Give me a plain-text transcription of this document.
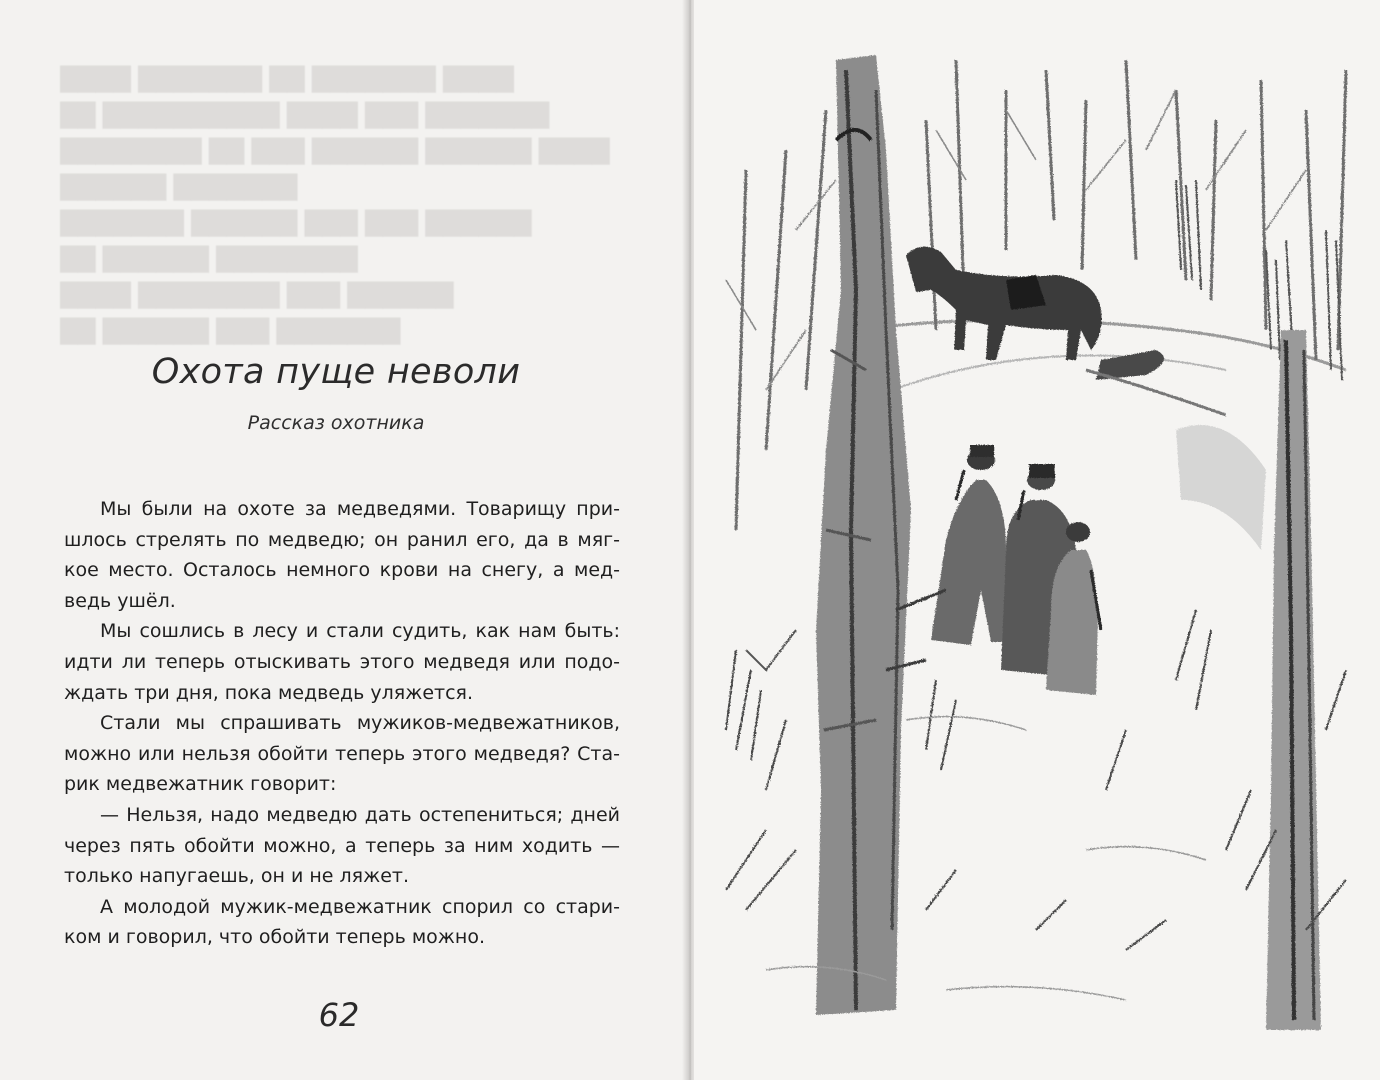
████ ███████ ██ ███████ ████
██ ██████████ ████ ███ ███████
████████ ██ ███ ██████ ██████ ████
██████ ███████
███████ ██████ ███ ███ ██████
██ ██████ ████████
████ ████████ ███ ██████
██ ██████ ███ ███████
Охота пуще неволи
Рассказ охотника
Мы были на охоте за медведями. Товарищу при-
шлось стрелять по медведю; он ранил его, да в мяг-
кое место. Осталось немного крови на снегу, а мед-
ведь ушёл.
Мы сошлись в лесу и стали судить, как нам быть:
идти ли теперь отыскивать этого медведя или подо-
ждать три дня, пока медведь уляжется.
Стали мы спрашивать мужиков-медвежатников,
можно или нельзя обойти теперь этого медведя? Ста-
рик медвежатник говорит:
— Нельзя, надо медведю дать остепениться; дней
через пять обойти можно, а теперь за ним ходить —
только напугаешь, он и не ляжет.
А молодой мужик-медвежатник спорил со стари-
ком и говорил, что обойти теперь можно.
62
